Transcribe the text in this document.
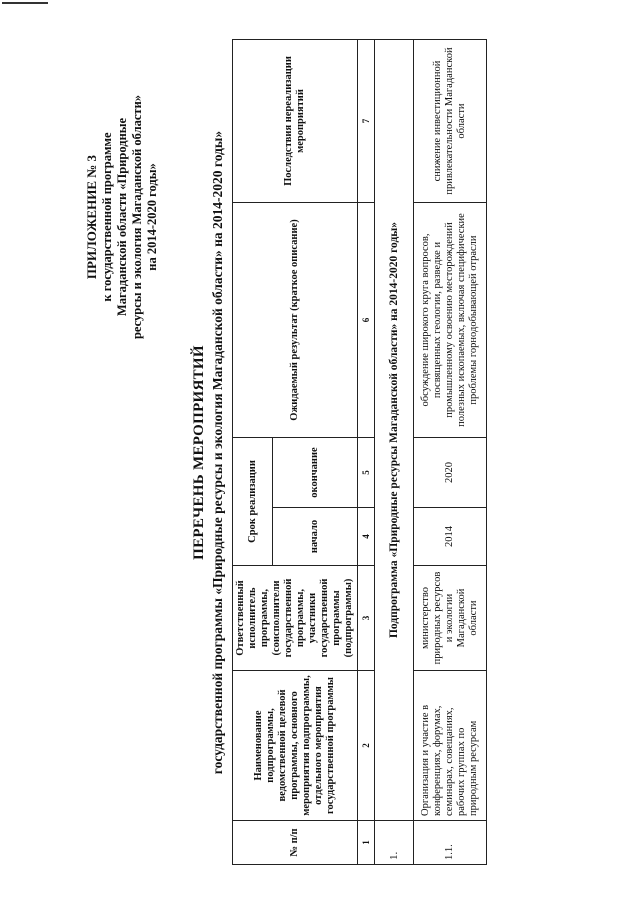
ПРИЛОЖЕНИЕ № 3 к государственной программе Магаданской области «Природные ресурсы и экология Магаданской области» на 2014-2020 годы»
ПЕРЕЧЕНЬ МЕРОПРИЯТИЙ государственной программы «Природные ресурсы и экология Магаданской области» на 2014-2020 годы»
№ п/п	Наименование подпрограммы, ведомственной целевой программы, основного мероприятия подпрограммы, отдельного мероприятия государственной программы	Ответственный исполнитель программы, (соисполнители государственной программы, участники государственной программы (подпрограммы)	Срок реализации		Ожидаемый результат (краткое описание)	Последствия нереализации мероприятий
			начало	окончание		
1	2	3	4	5	6	7
1.	Подпрограмма «Природные ресурсы Магаданской области» на 2014-2020 годы»					
1.1.	Организация и участие в конференциях, форумах, семинарах, совещаниях, рабочих группах по природным ресурсам	министерство природных ресурсов и экологии Магаданской области	2014	2020	обсуждение широкого круга вопросов, посвященных геологии, разведке и промышленному освоению месторождений полезных ископаемых, включая специфические проблемы горнодобывающей отрасли	снижение инвестиционной привлекательности Магаданской области
